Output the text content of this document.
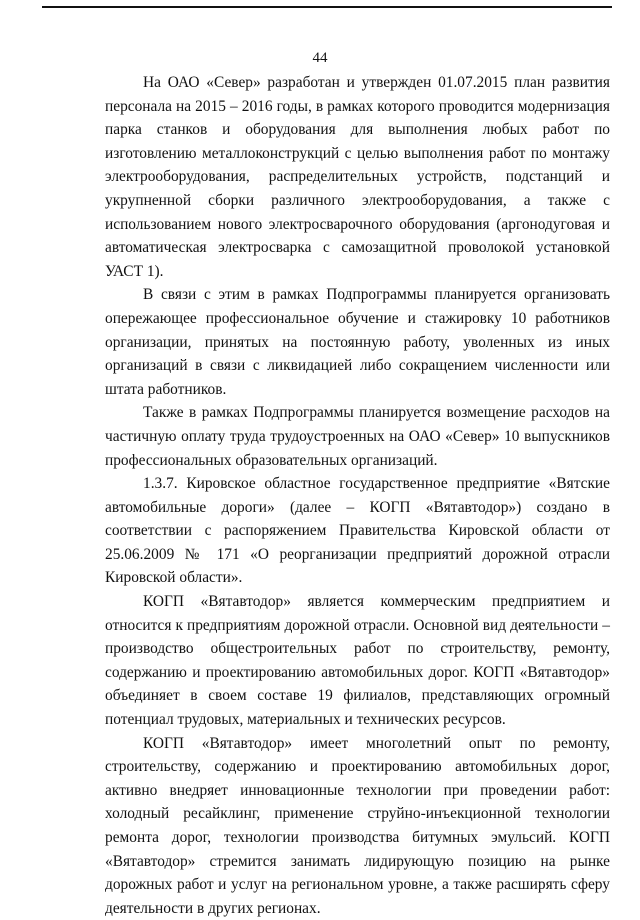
44

На ОАО «Север» разработан и утвержден 01.07.2015 план развития персонала на 2015 – 2016 годы, в рамках которого проводится модернизация парка станков и оборудования для выполнения любых работ по изготовлению металлоконструкций с целью выполнения работ по монтажу электрооборудования, распределительных устройств, подстанций и укрупненной сборки различного электрооборудования, а также с использованием нового электросварочного оборудования (аргонодуговая и автоматическая электросварка с самозащитной проволокой установкой УАСТ 1).

В связи с этим в рамках Подпрограммы планируется организовать опережающее профессиональное обучение и стажировку 10 работников организации, принятых на постоянную работу, уволенных из иных организаций в связи с ликвидацией либо сокращением численности или штата работников.

Также в рамках Подпрограммы планируется возмещение расходов на частичную оплату труда трудоустроенных на ОАО «Север» 10 выпускников профессиональных образовательных организаций.

1.3.7. Кировское областное государственное предприятие «Вятские автомобильные дороги» (далее – КОГП «Вятавтодор») создано в соответствии с распоряжением Правительства Кировской области от 25.06.2009 № 171 «О реорганизации предприятий дорожной отрасли Кировской области».

КОГП «Вятавтодор» является коммерческим предприятием и относится к предприятиям дорожной отрасли. Основной вид деятельности – производство общестроительных работ по строительству, ремонту, содержанию и проектированию автомобильных дорог. КОГП «Вятавтодор» объединяет в своем составе 19 филиалов, представляющих огромный потенциал трудовых, материальных и технических ресурсов.

КОГП «Вятавтодор» имеет многолетний опыт по ремонту, строительству, содержанию и проектированию автомобильных дорог, активно внедряет инновационные технологии при проведении работ: холодный ресайклинг, применение струйно-инъекционной технологии ремонта дорог, технологии производства битумных эмульсий. КОГП «Вятавтодор» стремится занимать лидирующую позицию на рынке дорожных работ и услуг на региональном уровне, а также расширять сферу деятельности в других регионах.
